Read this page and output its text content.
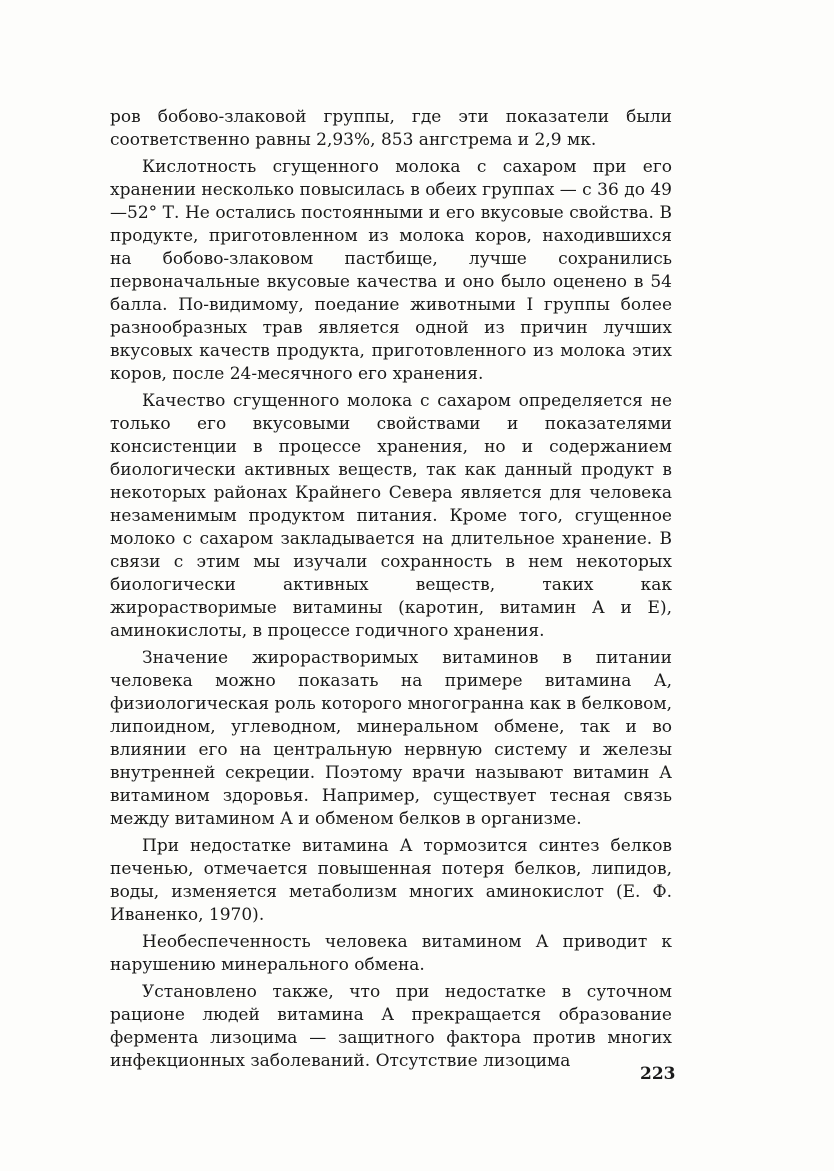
ров бобово-злаковой группы, где эти показатели были соответственно равны 2,93%, 853 ангстрема и 2,9 мк.

Кислотность сгущенного молока с сахаром при его хранении несколько повысилась в обеих группах — с 36 до 49—52° Т. Не остались постоянными и его вкусовые свойства. В продукте, приготовленном из молока коров, находившихся на бобово-злаковом пастбище, лучше сохранились первоначальные вкусовые качества и оно было оценено в 54 балла. По-видимому, поедание животными I группы более разнообразных трав является одной из причин лучших вкусовых качеств продукта, приготовленного из молока этих коров, после 24-месячного его хранения.

Качество сгущенного молока с сахаром определяется не только его вкусовыми свойствами и показателями консистенции в процессе хранения, но и содержанием биологически активных веществ, так как данный продукт в некоторых районах Крайнего Севера является для человека незаменимым продуктом питания. Кроме того, сгущенное молоко с сахаром закладывается на длительное хранение. В связи с этим мы изучали сохранность в нем некоторых биологически активных веществ, таких как жирорастворимые витамины (каротин, витамин А и Е), аминокислоты, в процессе годичного хранения.

Значение жирорастворимых витаминов в питании человека можно показать на примере витамина А, физиологическая роль которого многогранна как в белковом, липоидном, углеводном, минеральном обмене, так и во влиянии его на центральную нервную систему и железы внутренней секреции. Поэтому врачи называют витамин А витамином здоровья. Например, существует тесная связь между витамином А и обменом белков в организме.

При недостатке витамина А тормозится синтез белков печенью, отмечается повышенная потеря белков, липидов, воды, изменяется метаболизм многих аминокислот (Е. Ф. Иваненко, 1970).

Необеспеченность человека витамином А приводит к нарушению минерального обмена.

Установлено также, что при недостатке в суточном рационе людей витамина А прекращается образование фермента лизоцима — защитного фактора против многих инфекционных заболеваний. Отсутствие лизоцима

223
